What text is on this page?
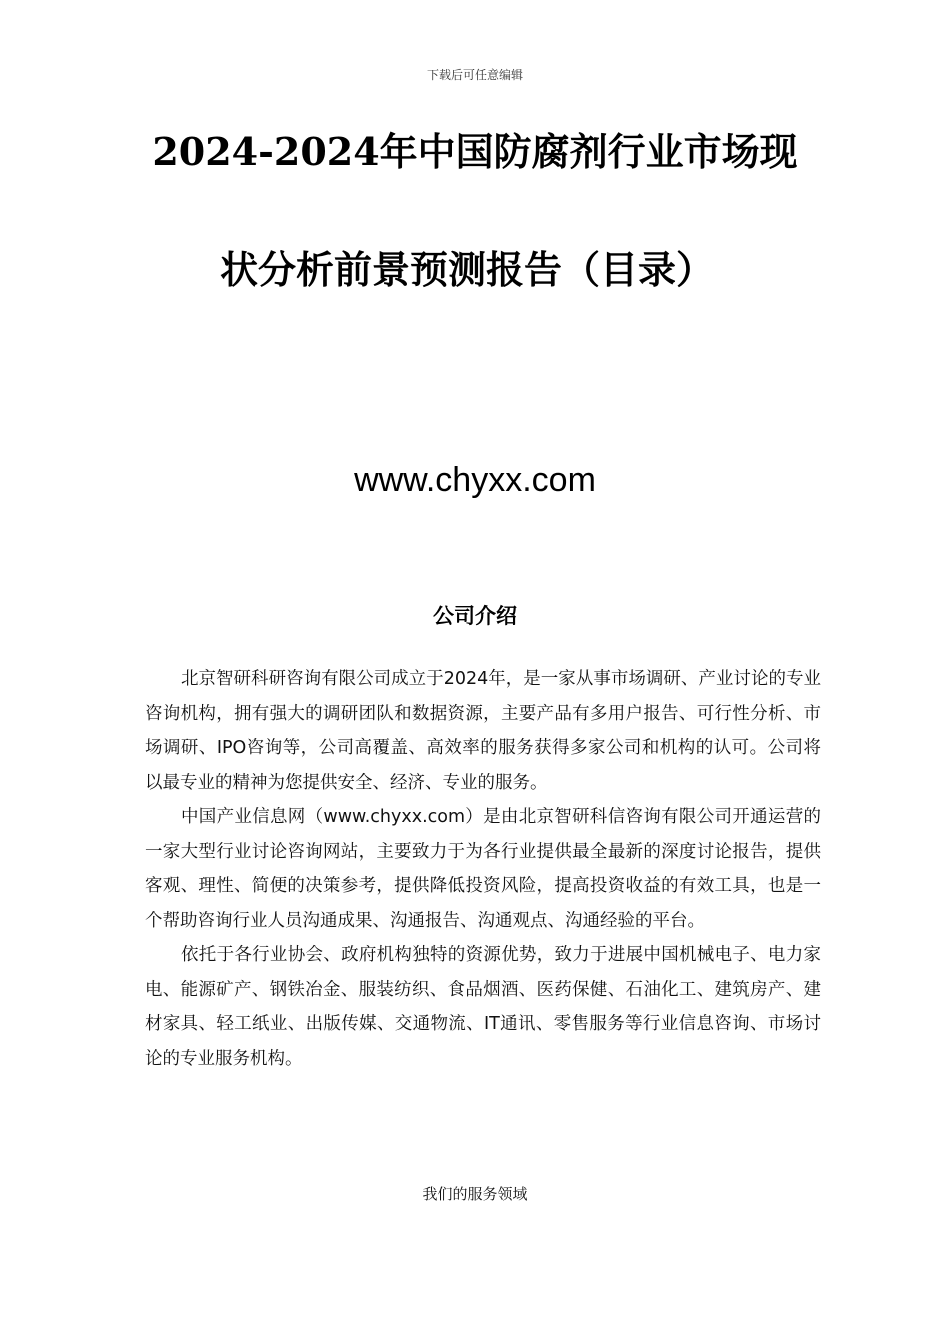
下载后可任意编辑
2024-2024年中国防腐剂行业市场现
状分析前景预测报告（目录）
www.chyxx.com
公司介绍

北京智研科研咨询有限公司成立于2024年，是一家从事市场调研、产业讨论的专业咨询机构，拥有强大的调研团队和数据资源，主要产品有多用户报告、可行性分析、市场调研、IPO咨询等，公司高覆盖、高效率的服务获得多家公司和机构的认可。公司将以最专业的精神为您提供安全、经济、专业的服务。

中国产业信息网（www.chyxx.com）是由北京智研科信咨询有限公司开通运营的一家大型行业讨论咨询网站，主要致力于为各行业提供最全最新的深度讨论报告，提供客观、理性、简便的决策参考，提供降低投资风险，提高投资收益的有效工具，也是一个帮助咨询行业人员沟通成果、沟通报告、沟通观点、沟通经验的平台。

依托于各行业协会、政府机构独特的资源优势，致力于进展中国机械电子、电力家电、能源矿产、钢铁冶金、服装纺织、食品烟酒、医药保健、石油化工、建筑房产、建材家具、轻工纸业、出版传媒、交通物流、IT通讯、零售服务等行业信息咨询、市场讨论的专业服务机构。

我们的服务领域
